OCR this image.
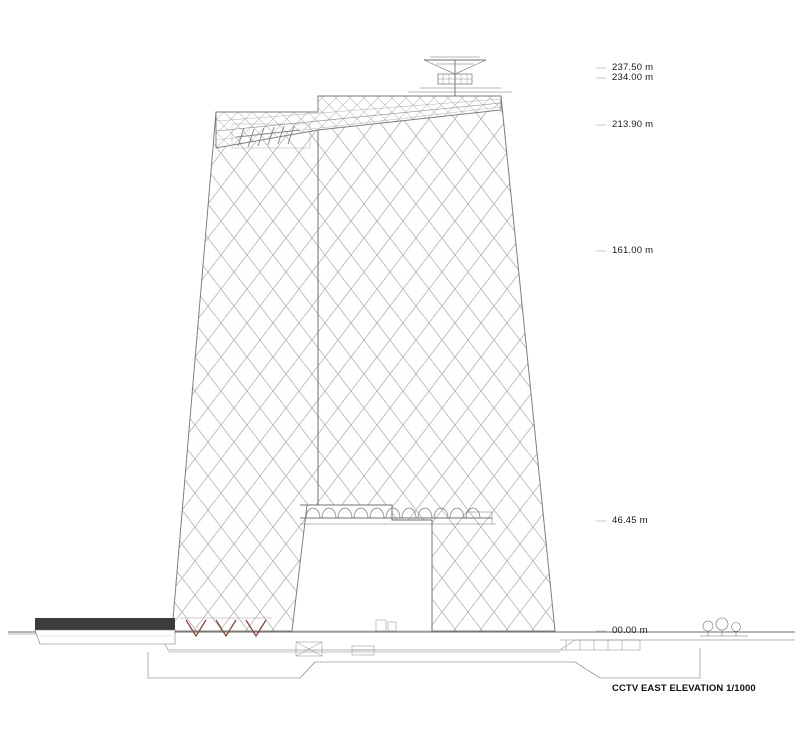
237.50 m
234.00 m
213.90 m
161.00 m
46.45 m
00.00 m
CCTV EAST ELEVATION 1/1000
